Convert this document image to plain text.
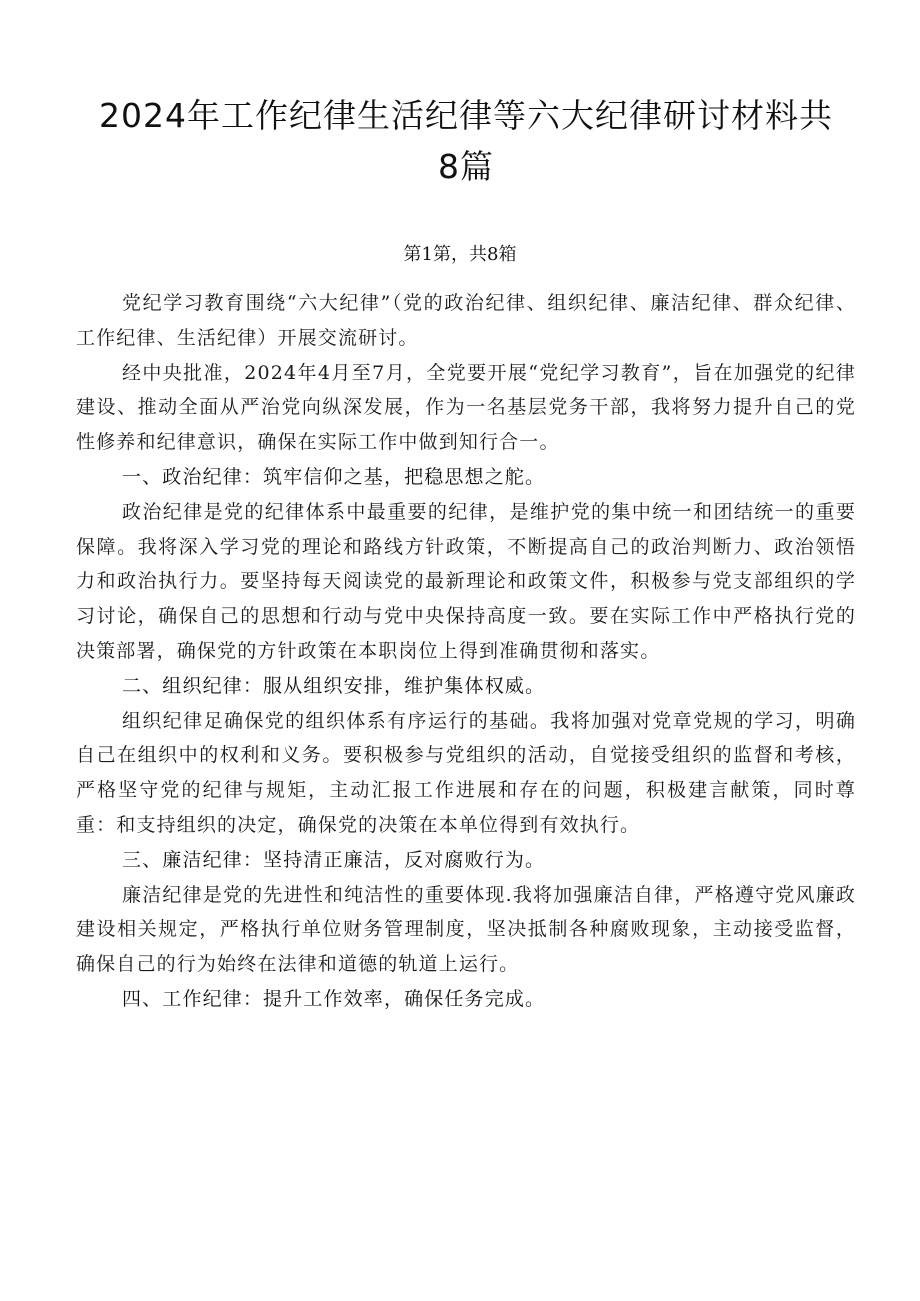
2024年工作纪律生活纪律等六大纪律研讨材料共8篇
第1第，共8箱

党纪学习教育围绕“六大纪律”（党的政治纪律、组织纪律、廉洁纪律、群众纪律、工作纪律、生活纪律）开展交流研讨。

经中央批准，2024年4月至7月，全党要开展“党纪学习教育”，旨在加强党的纪律建设、推动全面从严治党向纵深发展，作为一名基层党务干部，我将努力提升自己的党性修养和纪律意识，确保在实际工作中做到知行合一。

一、政治纪律：筑牢信仰之基，把稳思想之舵。

政治纪律是党的纪律体系中最重要的纪律，是维护党的集中统一和团结统一的重要保障。我将深入学习党的理论和路线方针政策，不断提高自己的政治判断力、政治领悟力和政治执行力。要坚持每天阅读党的最新理论和政策文件，积极参与党支部组织的学习讨论，确保自己的思想和行动与党中央保持高度一致。要在实际工作中严格执行党的决策部署，确保党的方针政策在本职岗位上得到准确贯彻和落实。

二、组织纪律：服从组织安排，维护集体权威。

组织纪律足确保党的组织体系有序运行的基础。我将加强对党章党规的学习，明确自己在组织中的权利和义务。要积极参与党组织的活动，自觉接受组织的监督和考核，严格坚守党的纪律与规矩，主动汇报工作进展和存在的问题，积极建言献策，同时尊重：和支持组织的决定，确保党的决策在本单位得到有效执行。

三、廉洁纪律：坚持清正廉洁，反对腐败行为。

廉洁纪律是党的先进性和纯洁性的重要体现.我将加强廉洁自律，严格遵守党风廉政建设相关规定，严格执行单位财务管理制度，坚决抵制各种腐败现象，主动接受监督，确保自己的行为始终在法律和道德的轨道上运行。

四、工作纪律：提升工作效率，确保任务完成。
